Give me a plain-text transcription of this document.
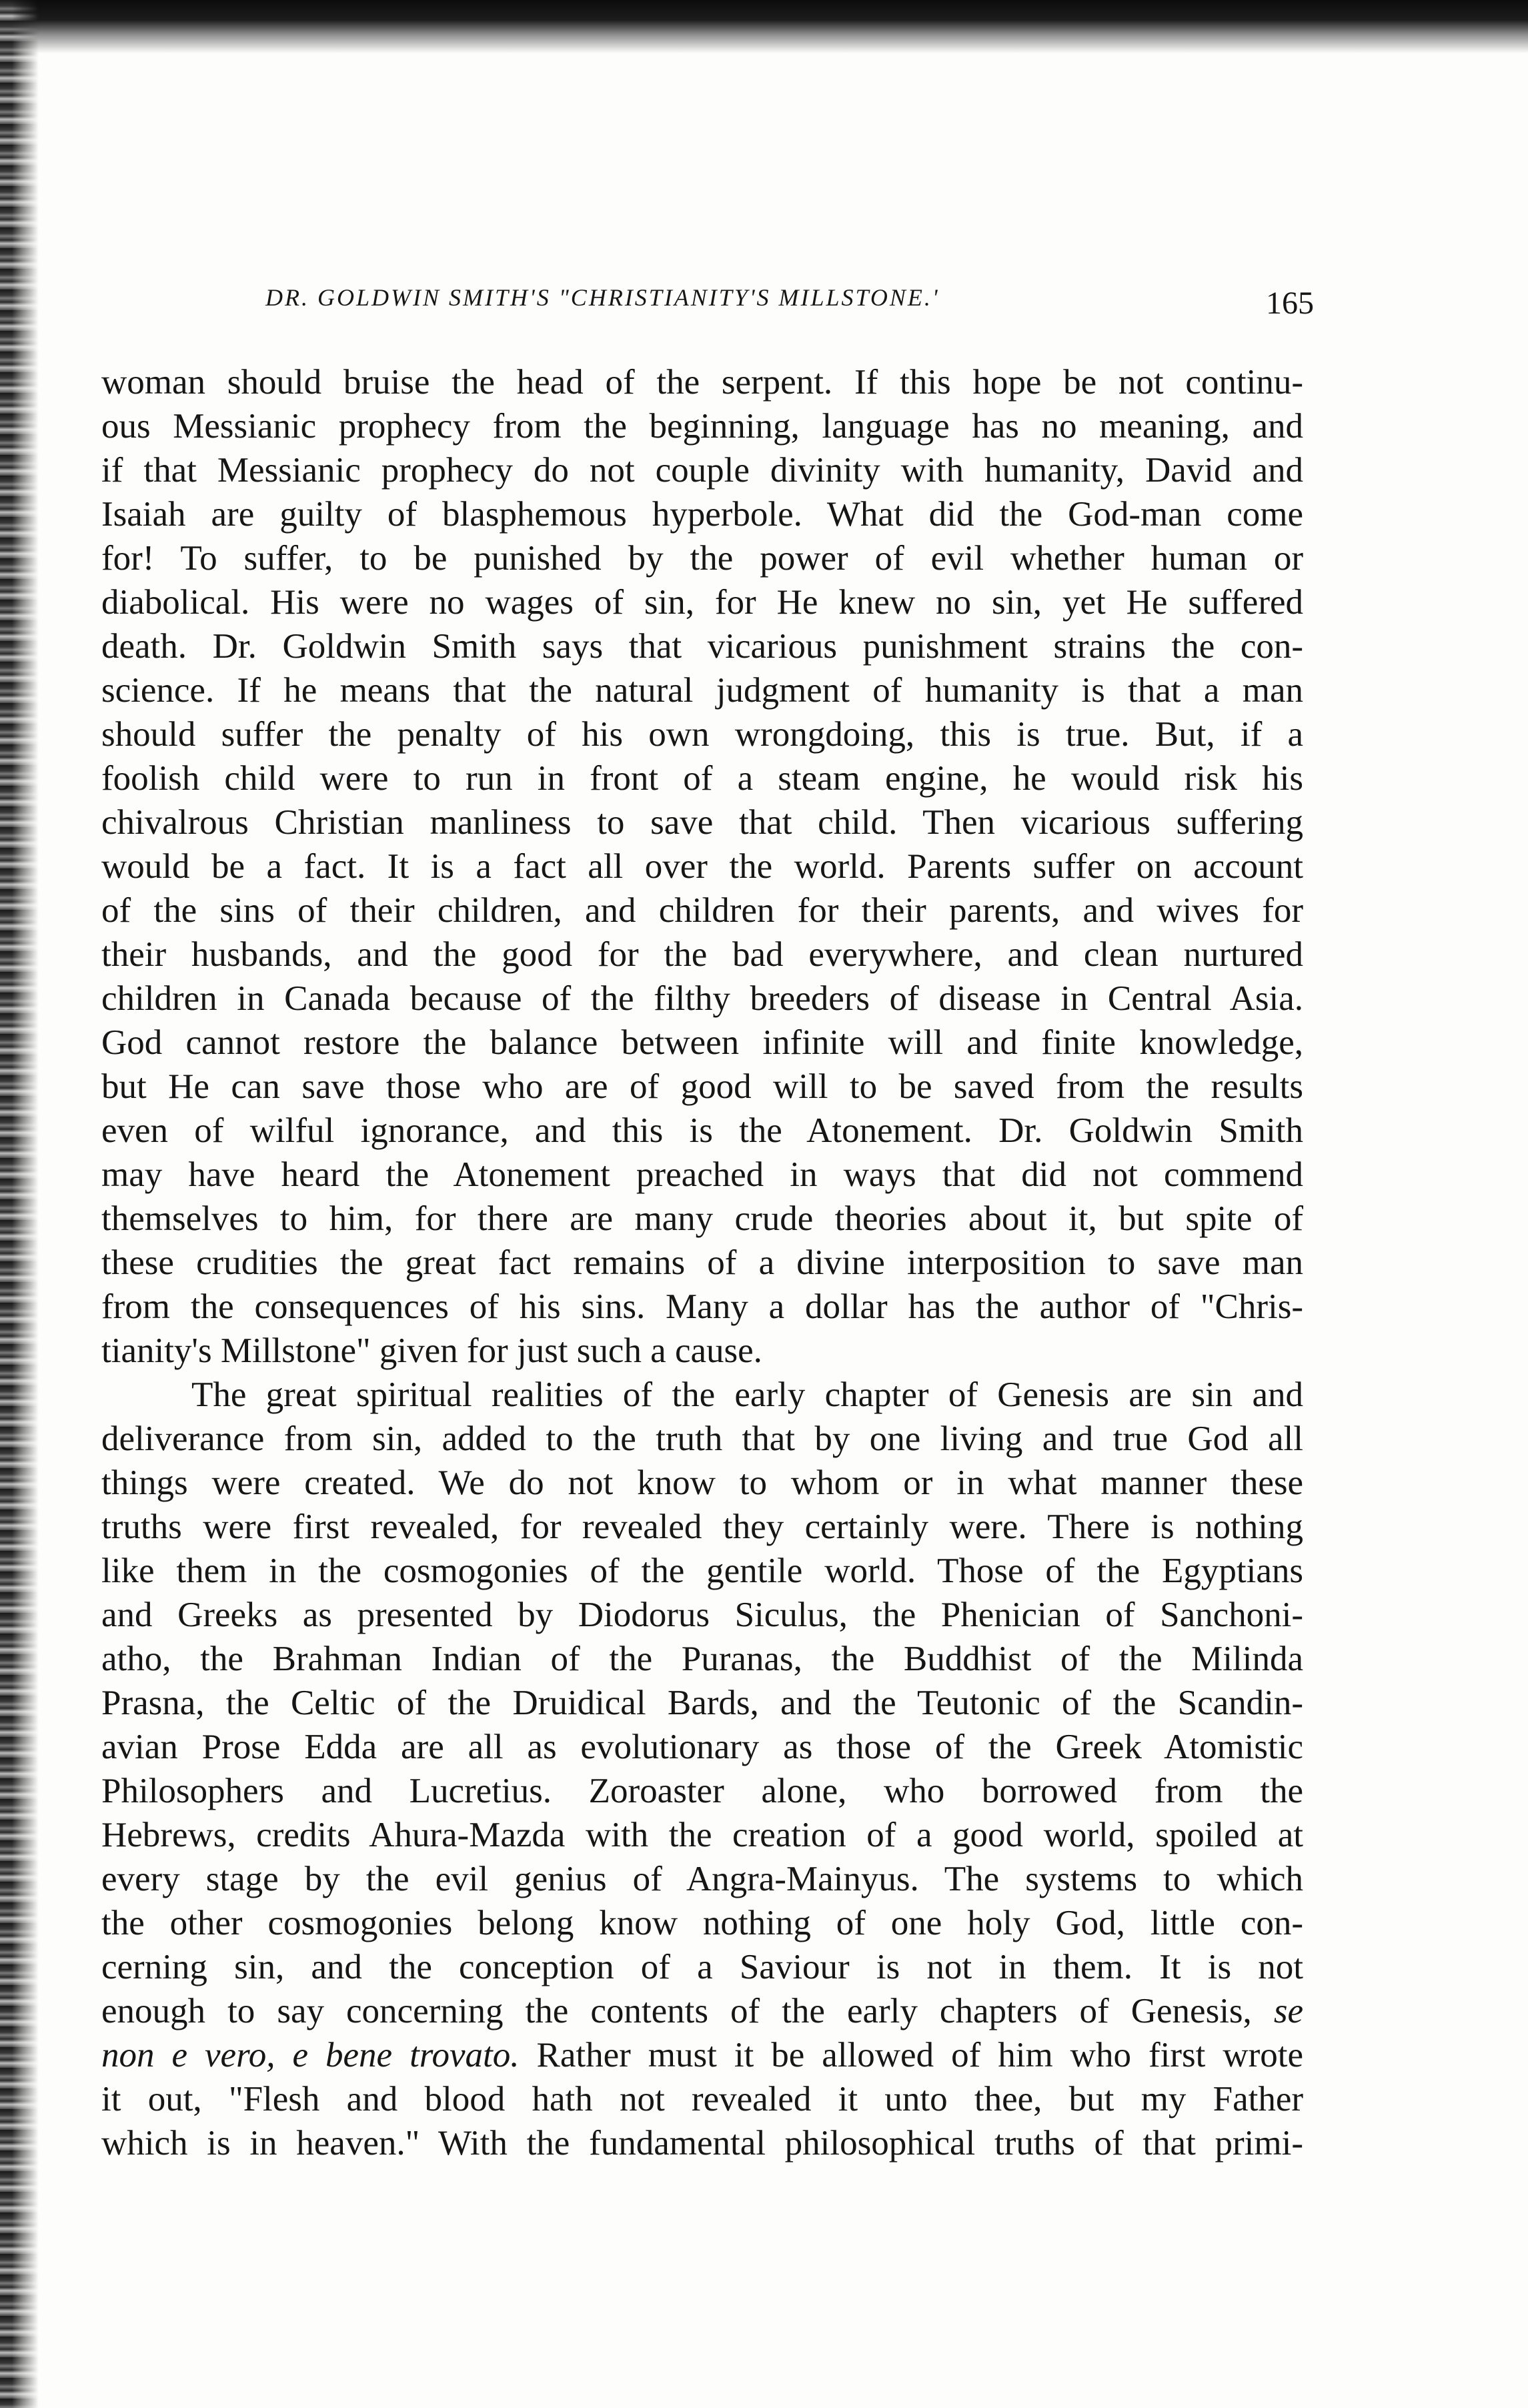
DR. GOLDWIN SMITH'S "CHRISTIANITY'S MILLSTONE.'	165
woman should bruise the head of the serpent. If this hope be not continu-
ous Messianic prophecy from the beginning, language has no meaning, and
if that Messianic prophecy do not couple divinity with humanity, David and
Isaiah are guilty of blasphemous hyperbole. What did the God-man come
for! To suffer, to be punished by the power of evil whether human or
diabolical. His were no wages of sin, for He knew no sin, yet He suffered
death. Dr. Goldwin Smith says that vicarious punishment strains the con-
science. If he means that the natural judgment of humanity is that a man
should suffer the penalty of his own wrongdoing, this is true. But, if a
foolish child were to run in front of a steam engine, he would risk his
chivalrous Christian manliness to save that child. Then vicarious suffering
would be a fact. It is a fact all over the world. Parents suffer on account
of the sins of their children, and children for their parents, and wives for
their husbands, and the good for the bad everywhere, and clean nurtured
children in Canada because of the filthy breeders of disease in Central Asia.
God cannot restore the balance between infinite will and finite knowledge,
but He can save those who are of good will to be saved from the results
even of wilful ignorance, and this is the Atonement. Dr. Goldwin Smith
may have heard the Atonement preached in ways that did not commend
themselves to him, for there are many crude theories about it, but spite of
these crudities the great fact remains of a divine interposition to save man
from the consequences of his sins. Many a dollar has the author of "Chris-
tianity's Millstone" given for just such a cause.
The great spiritual realities of the early chapter of Genesis are sin and
deliverance from sin, added to the truth that by one living and true God all
things were created. We do not know to whom or in what manner these
truths were first revealed, for revealed they certainly were. There is nothing
like them in the cosmogonies of the gentile world. Those of the Egyptians
and Greeks as presented by Diodorus Siculus, the Phenician of Sanchoni-
atho, the Brahman Indian of the Puranas, the Buddhist of the Milinda
Prasna, the Celtic of the Druidical Bards, and the Teutonic of the Scandin-
avian Prose Edda are all as evolutionary as those of the Greek Atomistic
Philosophers and Lucretius. Zoroaster alone, who borrowed from the
Hebrews, credits Ahura-Mazda with the creation of a good world, spoiled at
every stage by the evil genius of Angra-Mainyus. The systems to which
the other cosmogonies belong know nothing of one holy God, little con-
cerning sin, and the conception of a Saviour is not in them. It is not
enough to say concerning the contents of the early chapters of Genesis, se
non e vero, e bene trovato. Rather must it be allowed of him who first wrote
it out, "Flesh and blood hath not revealed it unto thee, but my Father
which is in heaven." With the fundamental philosophical truths of that primi-
